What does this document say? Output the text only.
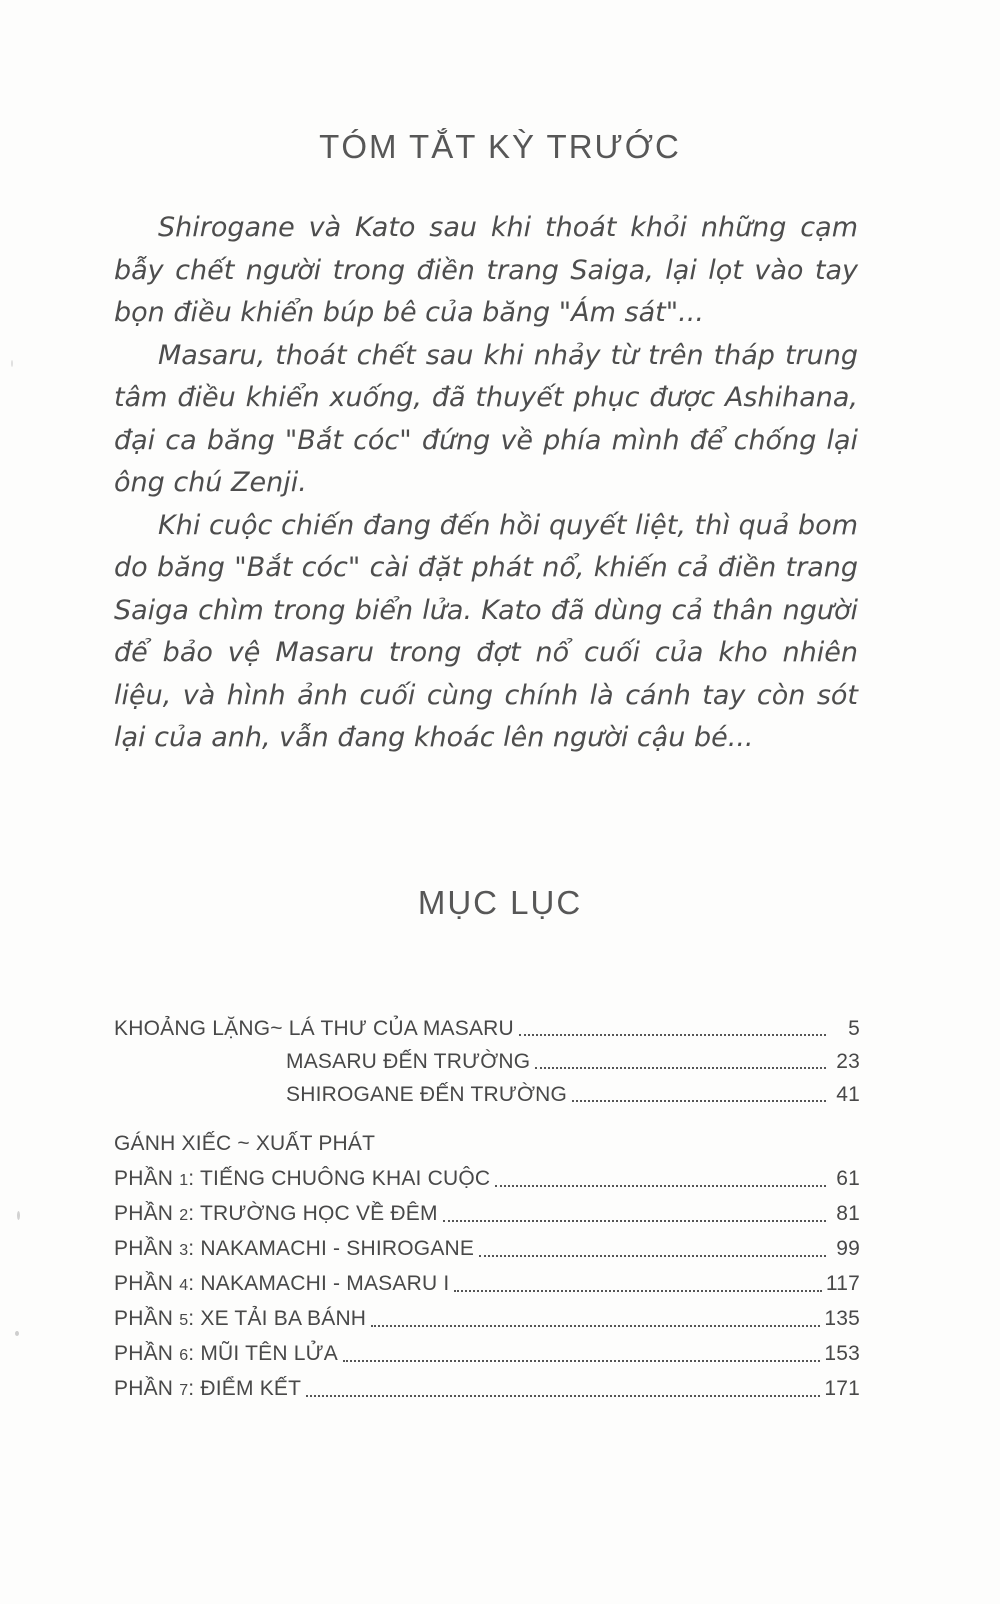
TÓM TẮT KỲ TRƯỚC

Shirogane và Kato sau khi thoát khỏi những cạm bẫy chết người trong điền trang Saiga, lại lọt vào tay bọn điều khiển búp bê của băng "Ám sát"...

Masaru, thoát chết sau khi nhảy từ trên tháp trung tâm điều khiển xuống, đã thuyết phục được Ashihana, đại ca băng "Bắt cóc" đứng về phía mình để chống lại ông chú Zenji.

Khi cuộc chiến đang đến hồi quyết liệt, thì quả bom do băng "Bắt cóc" cài đặt phát nổ, khiến cả điền trang Saiga chìm trong biển lửa. Kato đã dùng cả thân người để bảo vệ Masaru trong đợt nổ cuối của kho nhiên liệu, và hình ảnh cuối cùng chính là cánh tay còn sót lại của anh, vẫn đang khoác lên người cậu bé...

MỤC LỤC
KHOẢNG LẶNG~ LÁ THƯ CỦA MASARU	5
MASARU ĐẾN TRƯỜNG	23
SHIROGANE ĐẾN TRƯỜNG	41
GÁNH XIẾC ~ XUẤT PHÁT
PHẦN 1: TIẾNG CHUÔNG KHAI CUỘC	61
PHẦN 2: TRƯỜNG HỌC VỀ ĐÊM	81
PHẦN 3: NAKAMACHI - SHIROGANE	99
PHẦN 4: NAKAMACHI - MASARU I	117
PHẦN 5: XE TẢI BA BÁNH	135
PHẦN 6: MŨI TÊN LỬA	153
PHẦN 7: ĐIỂM KẾT	171
